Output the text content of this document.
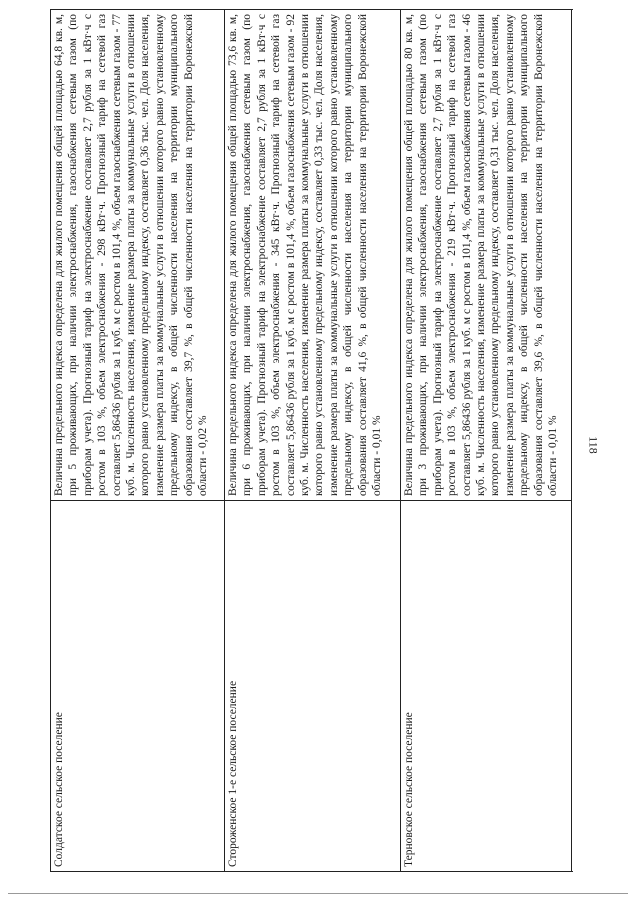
118
Солдатское сельское поселение
Величина предельного индекса определена для жилого помещения общей площадью 64,8 кв. м, при 5 проживающих, при наличии электроснабжения, газоснабжения сетевым газом (по приборам учета). Прогнозный тариф на электроснабжение составляет 2,7 рубля за 1 кВт·ч с ростом в 103 %, объем электроснабжения - 298 кВт·ч. Прогнозный тариф на сетевой газ составляет 5,86436 рубля за 1 куб. м с ростом в 101,4 %, объем газоснабжения сетевым газом - 77 куб. м. Численность населения, изменение размера платы за коммунальные услуги в отношении которого равно установленному предельному индексу, составляет 0,36 тыс. чел. Доля населения, изменение размера платы за коммунальные услуги в отношении которого равно установленному предельному индексу, в общей численности населения на территории муниципального образования составляет 39,7 %, в общей численности населения на территории Воронежской области - 0,02 %
Стороженское 1-е сельское поселение
Величина предельного индекса определена для жилого помещения общей площадью 73,6 кв. м, при 6 проживающих, при наличии электроснабжения, газоснабжения сетевым газом (по приборам учета). Прогнозный тариф на электроснабжение составляет 2,7 рубля за 1 кВт·ч с ростом в 103 %, объем электроснабжения - 345 кВт·ч. Прогнозный тариф на сетевой газ составляет 5,86436 рубля за 1 куб. м с ростом в 101,4 %, объем газоснабжения сетевым газом - 92 куб. м. Численность населения, изменение размера платы за коммунальные услуги в отношении которого равно установленному предельному индексу, составляет 0,33 тыс. чел. Доля населения, изменение размера платы за коммунальные услуги в отношении которого равно установленному предельному индексу, в общей численности населения на территории муниципального образования составляет 41,6 %, в общей численности населения на территории Воронежской области - 0,01 %
Терновское сельское поселение
Величина предельного индекса определена для жилого помещения общей площадью 80 кв. м, при 3 проживающих, при наличии электроснабжения, газоснабжения сетевым газом (по приборам учета). Прогнозный тариф на электроснабжение составляет 2,7 рубля за 1 кВт·ч с ростом в 103 %, объем электроснабжения - 219 кВт·ч. Прогнозный тариф на сетевой газ составляет 5,86436 рубля за 1 куб. м с ростом в 101,4 %, объем газоснабжения сетевым газом - 46 куб. м. Численность населения, изменение размера платы за коммунальные услуги в отношении которого равно установленному предельному индексу, составляет 0,31 тыс. чел. Доля населения, изменение размера платы за коммунальные услуги в отношении которого равно установленному предельному индексу, в общей численности населения на территории муниципального образования составляет 39,6 %, в общей численности населения на территории Воронежской области - 0,01 %
